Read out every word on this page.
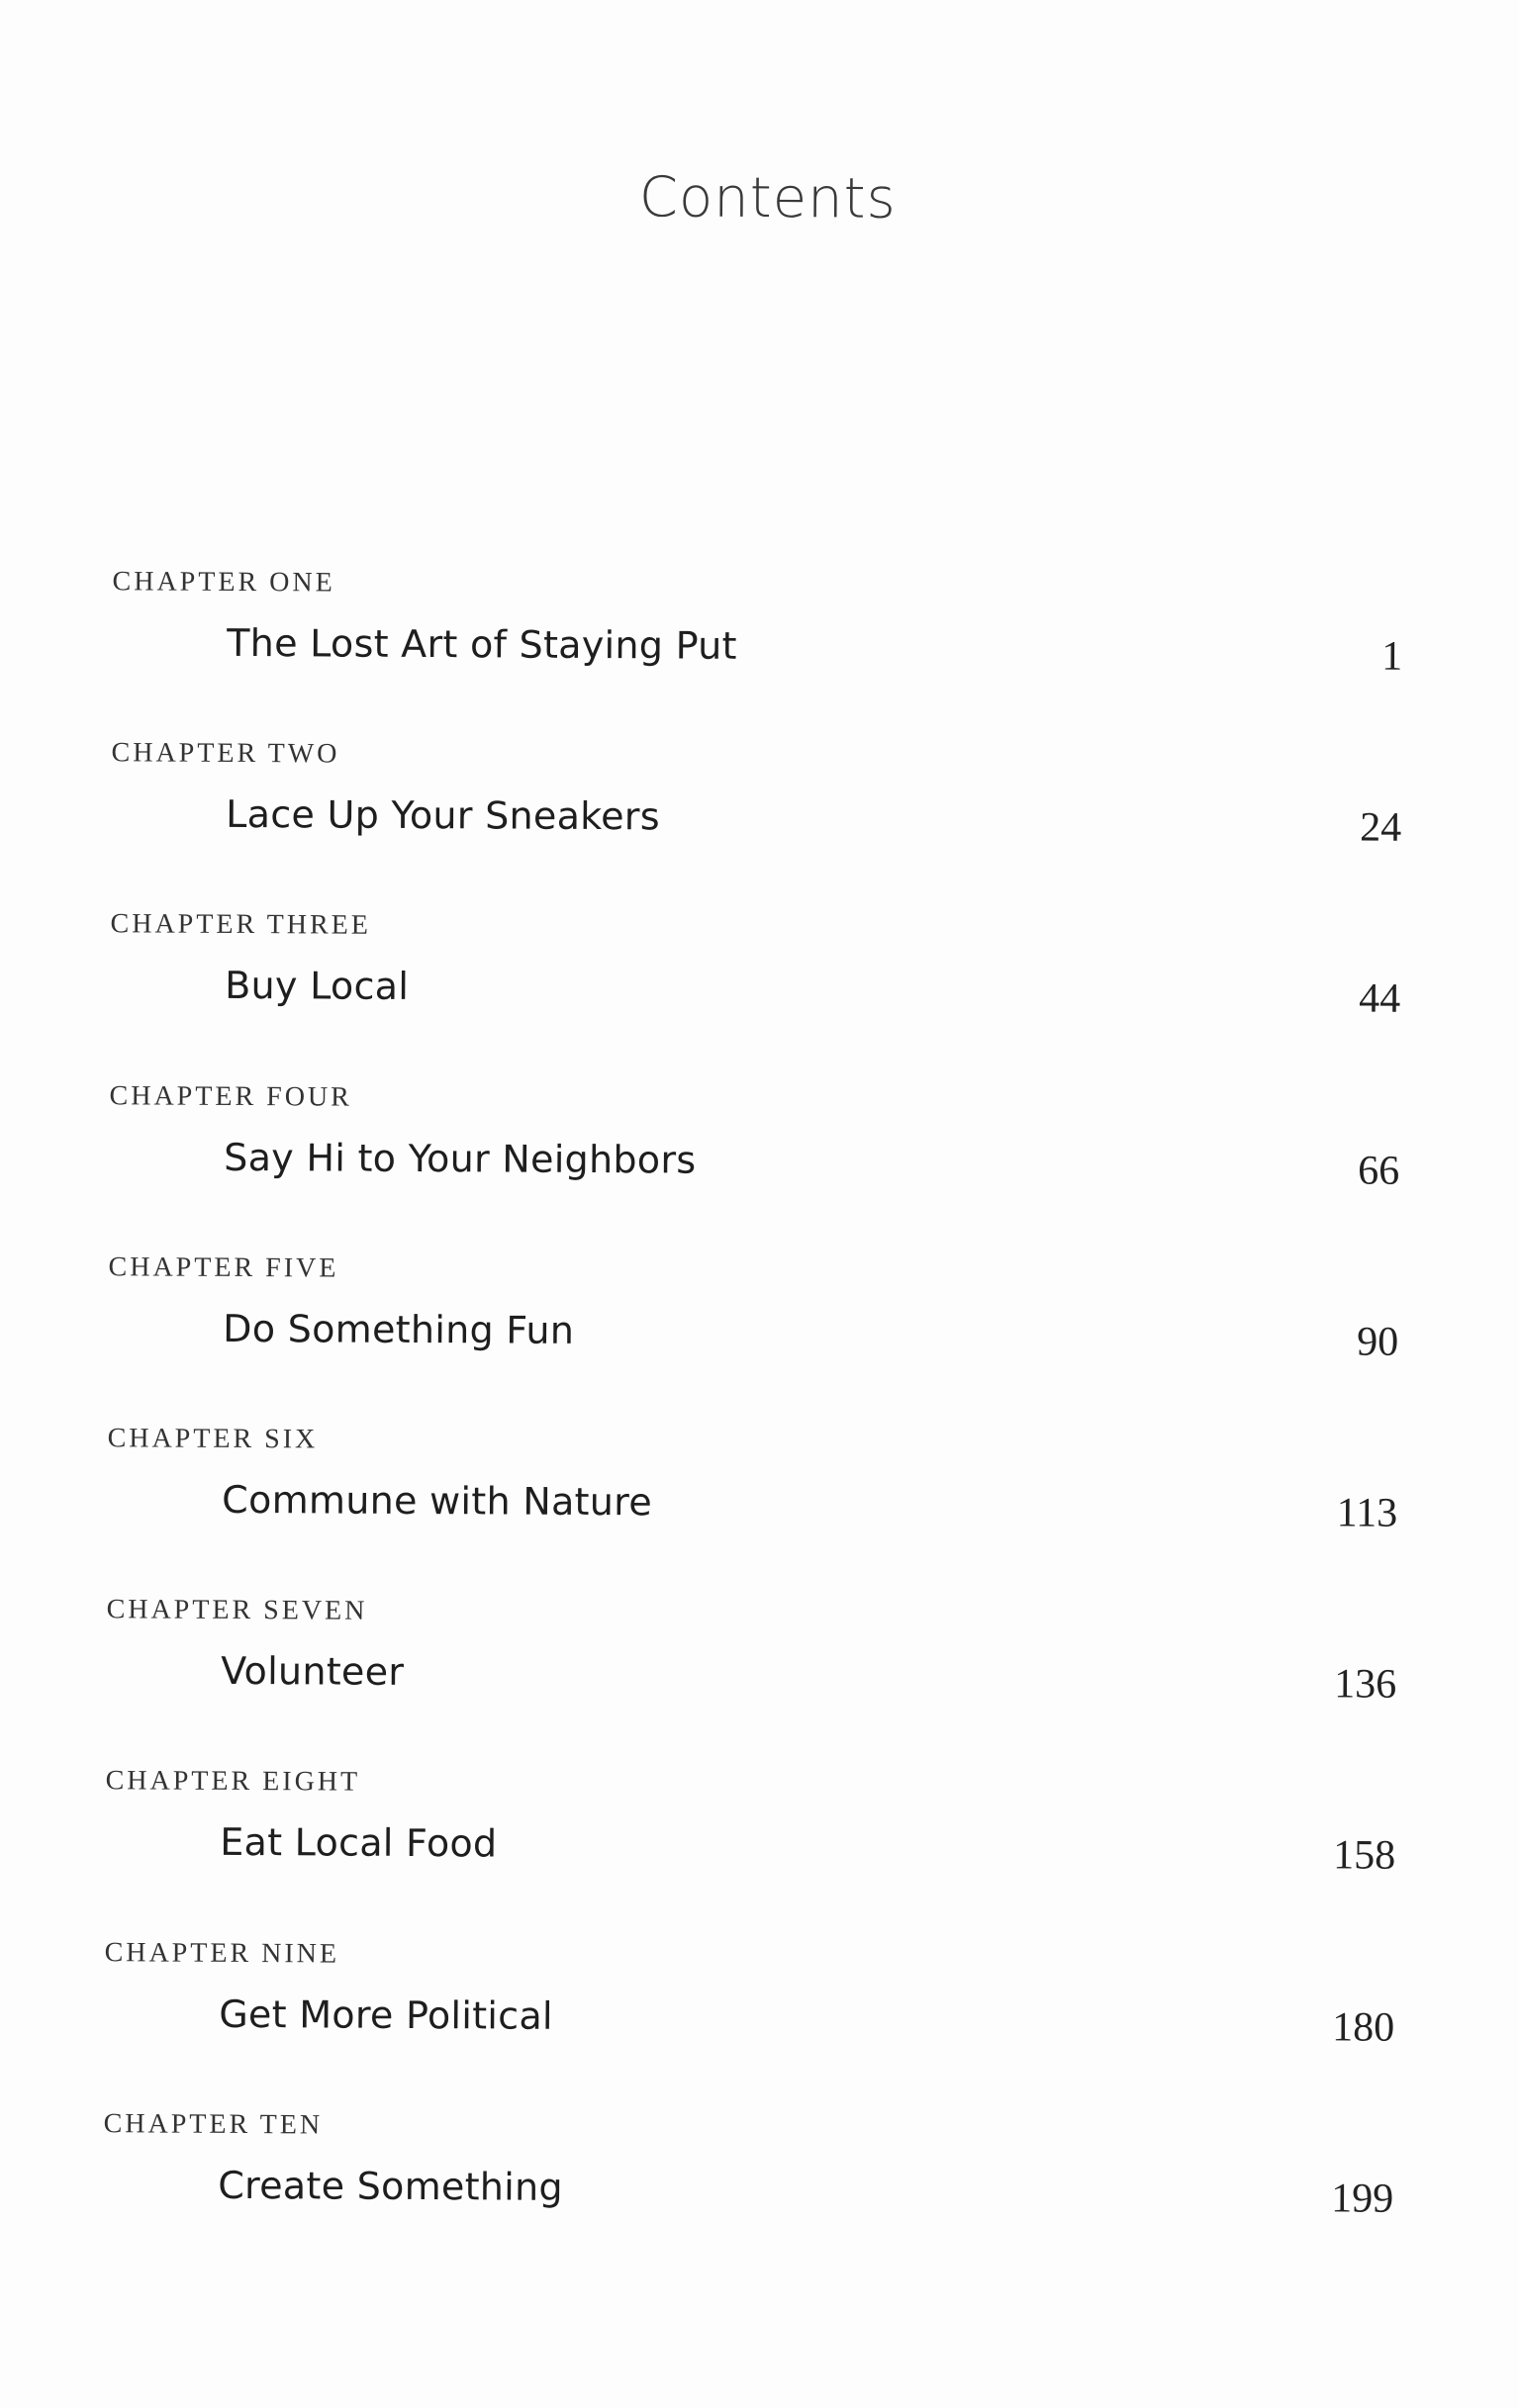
Contents
CHAPTER ONE
The Lost Art of Staying Put	1
CHAPTER TWO
Lace Up Your Sneakers	24
CHAPTER THREE
Buy Local	44
CHAPTER FOUR
Say Hi to Your Neighbors	66
CHAPTER FIVE
Do Something Fun	90
CHAPTER SIX
Commune with Nature	113
CHAPTER SEVEN
Volunteer	136
CHAPTER EIGHT
Eat Local Food	158
CHAPTER NINE
Get More Political	180
CHAPTER TEN
Create Something	199
